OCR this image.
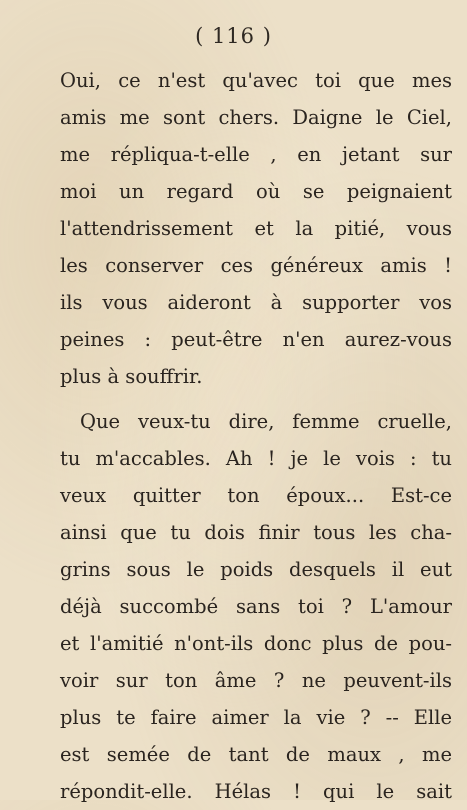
( 116 )
Oui, ce n'est qu'avec toi que mes
amis me sont chers. Daigne le Ciel,
me répliqua-t-elle , en jetant sur
moi un regard où se peignaient
l'attendrissement et la pitié, vous
les conserver ces généreux amis !
ils vous aideront à supporter vos
peines : peut-être n'en aurez-vous
plus à souffrir.
Que veux-tu dire, femme cruelle,
tu m'accables. Ah ! je le vois : tu
veux quitter ton époux... Est-ce
ainsi que tu dois finir tous les cha-
grins sous le poids desquels il eut
déjà succombé sans toi ? L'amour
et l'amitié n'ont-ils donc plus de pou-
voir sur ton âme ? ne peuvent-ils
plus te faire aimer la vie ? -- Elle
est semée de tant de maux , me
répondit-elle. Hélas ! qui le sait
